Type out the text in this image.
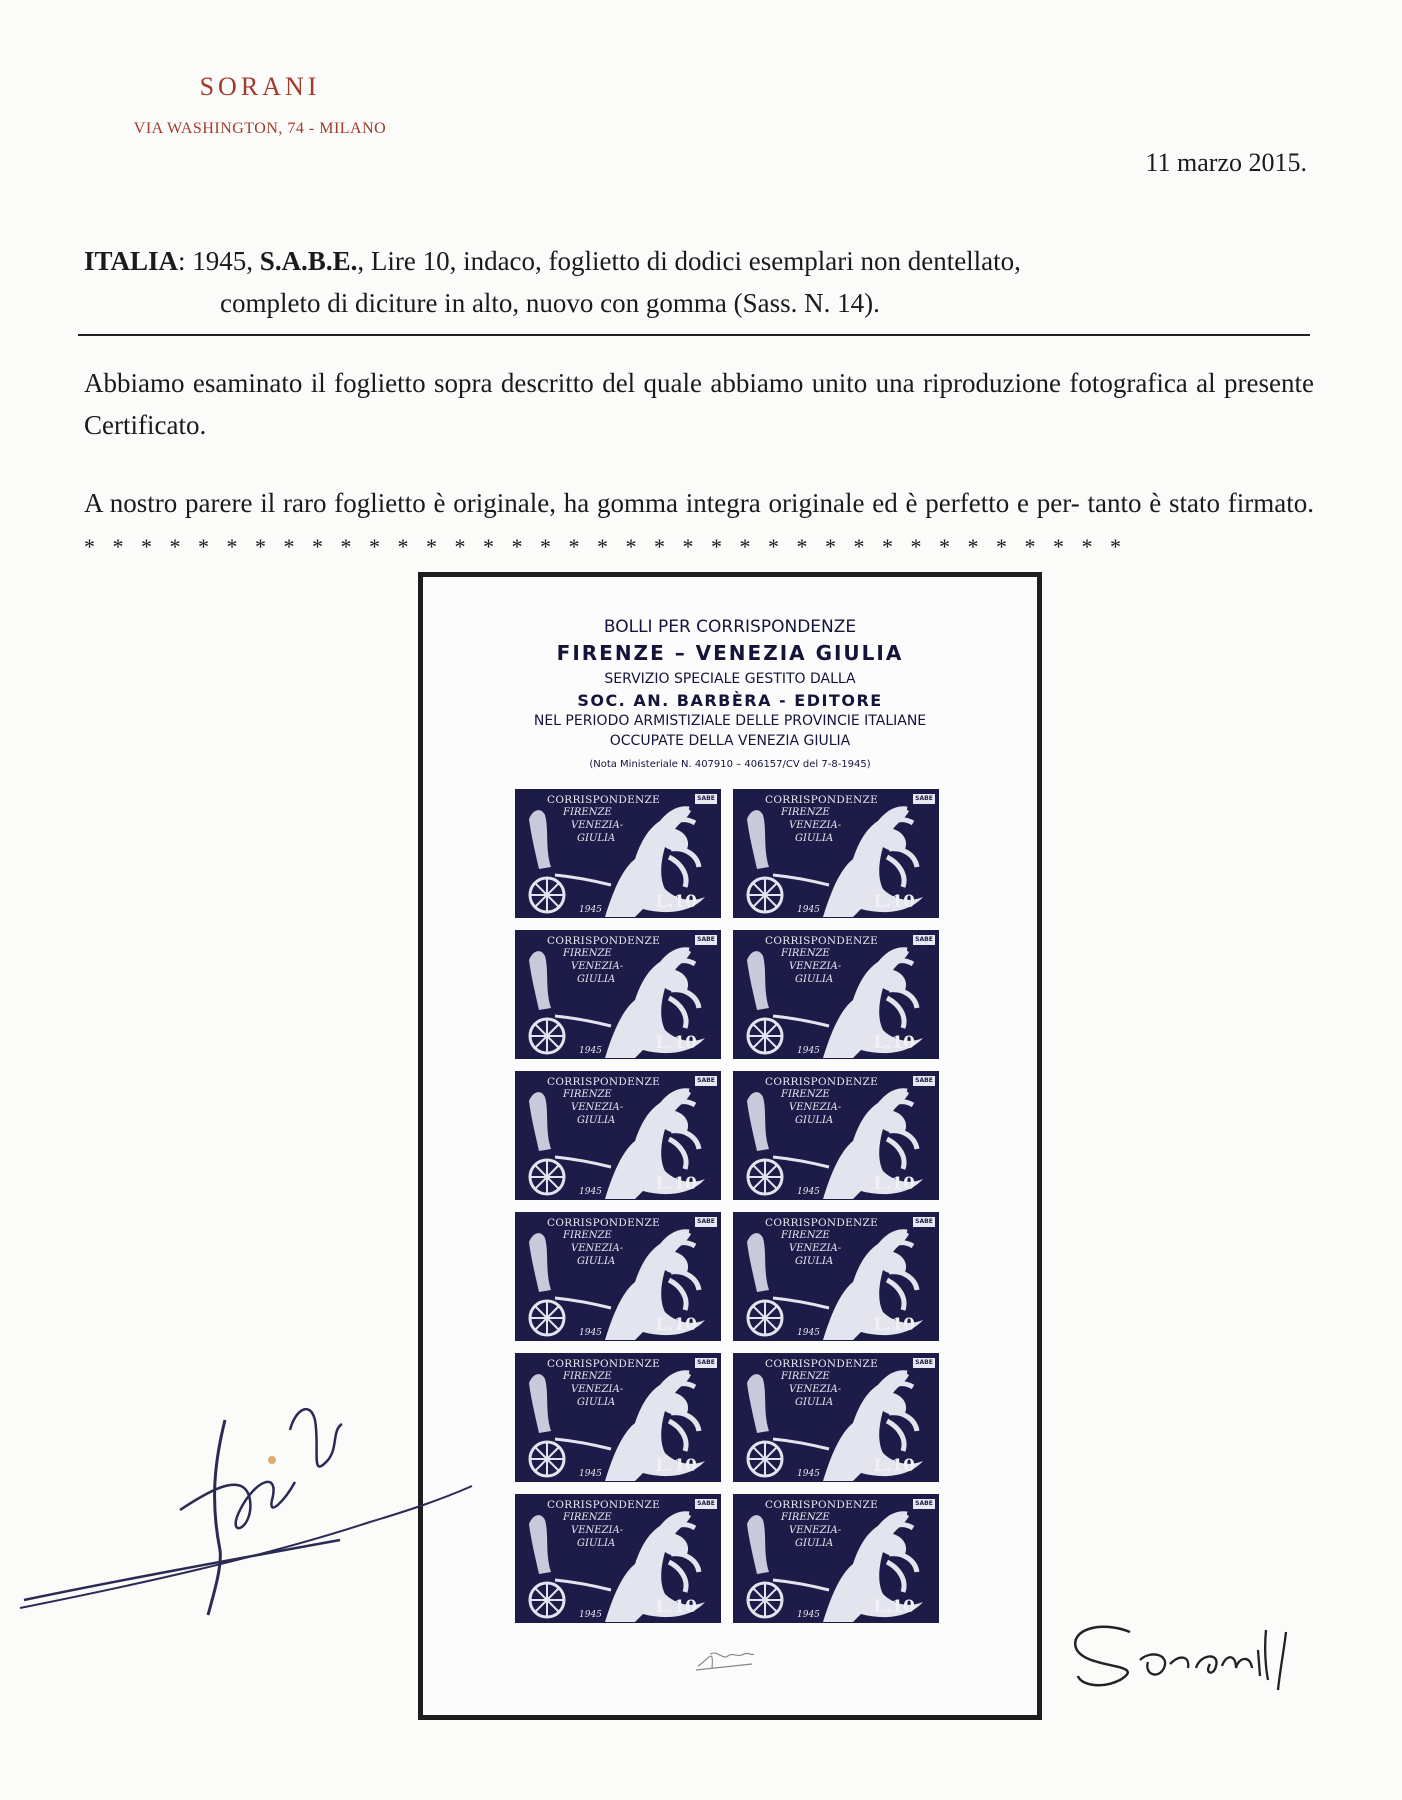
SORANI
VIA WASHINGTON, 74 - MILANO
11 marzo 2015.
ITALIA: 1945, S.A.B.E., Lire 10, indaco, foglietto di dodici esemplari non dentellato,
completo di diciture in alto, nuovo con gomma (Sass. N. 14).
Abbiamo esaminato il foglietto sopra descritto del quale abbiamo unito una riproduzione fotografica al presente Certificato.
A nostro parere il raro foglietto è originale, ha gomma integra originale ed è perfetto e per- tanto è stato firmato. * * * * * * * * * * * * * * * * * * * * * * * * * * * * * * * * * * * * *
BOLLI PER CORRISPONDENZE
FIRENZE – VENEZIA GIULIA
SERVIZIO SPECIALE GESTITO DALLA
SOC. AN. BARBÈRA - EDITORE
NEL PERIODO ARMISTIZIALE DELLE PROVINCIE ITALIANE
OCCUPATE DELLA VENEZIA GIULIA
(Nota Ministeriale N. 407910 – 406157/CV del 7-8-1945)
CORRISPONDENZE
FIRENZE
VENEZIA-
GIULIA
SABE
1945	L.10
CORRISPONDENZE
FIRENZE
VENEZIA-
GIULIA
SABE
1945	L.10
CORRISPONDENZE
FIRENZE
VENEZIA-
GIULIA
SABE
1945	L.10
CORRISPONDENZE
FIRENZE
VENEZIA-
GIULIA
SABE
1945	L.10
CORRISPONDENZE
FIRENZE
VENEZIA-
GIULIA
SABE
1945	L.10
CORRISPONDENZE
FIRENZE
VENEZIA-
GIULIA
SABE
1945	L.10
CORRISPONDENZE
FIRENZE
VENEZIA-
GIULIA
SABE
1945	L.10
CORRISPONDENZE
FIRENZE
VENEZIA-
GIULIA
SABE
1945	L.10
CORRISPONDENZE
FIRENZE
VENEZIA-
GIULIA
SABE
1945	L.10
CORRISPONDENZE
FIRENZE
VENEZIA-
GIULIA
SABE
1945	L.10
CORRISPONDENZE
FIRENZE
VENEZIA-
GIULIA
SABE
1945	L.10
CORRISPONDENZE
FIRENZE
VENEZIA-
GIULIA
SABE
1945	L.10
